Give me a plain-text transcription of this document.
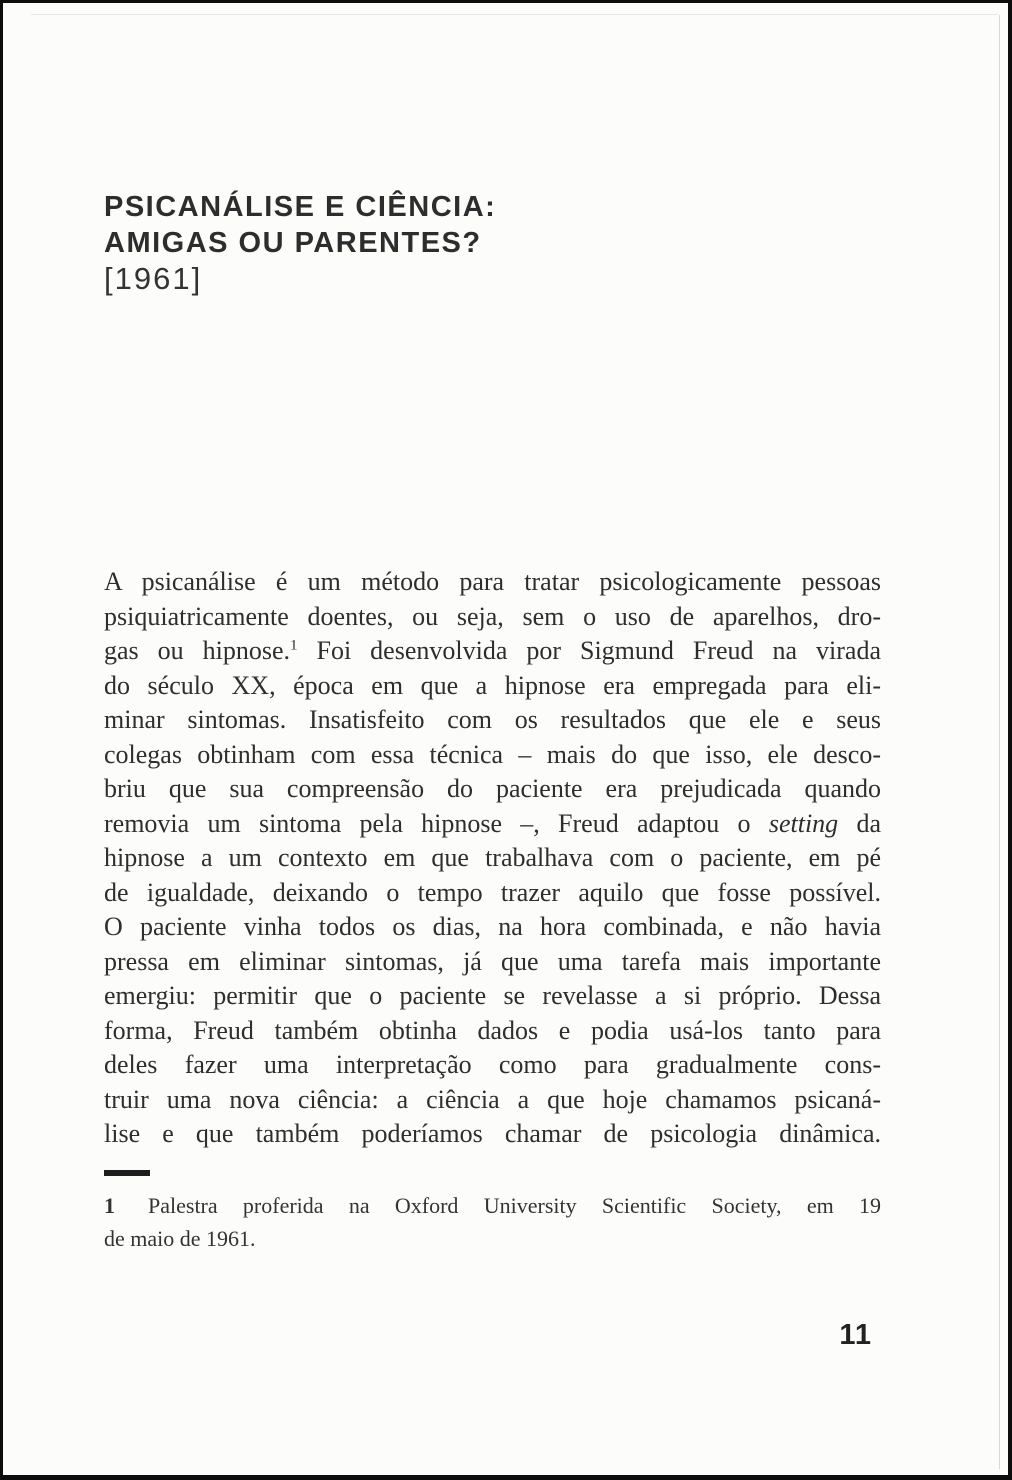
PSICANÁLISE E CIÊNCIA:
AMIGAS OU PARENTES?
[1961]
A psicanálise é um método para tratar psicologicamente pessoas
psiquiatricamente doentes, ou seja, sem o uso de aparelhos, dro-
gas ou hipnose.$^1$ Foi desenvolvida por Sigmund Freud na virada
do século XX, época em que a hipnose era empregada para eli-
minar sintomas. Insatisfeito com os resultados que ele e seus
colegas obtinham com essa técnica – mais do que isso, ele desco-
briu que sua compreensão do paciente era prejudicada quando
removia um sintoma pela hipnose –, Freud adaptou o setting da
hipnose a um contexto em que trabalhava com o paciente, em pé
de igualdade, deixando o tempo trazer aquilo que fosse possível.
O paciente vinha todos os dias, na hora combinada, e não havia
pressa em eliminar sintomas, já que uma tarefa mais importante
emergiu: permitir que o paciente se revelasse a si próprio. Dessa
forma, Freud também obtinha dados e podia usá-los tanto para
deles fazer uma interpretação como para gradualmente cons-
truir uma nova ciência: a ciência a que hoje chamamos psicaná-
lise e que também poderíamos chamar de psicologia dinâmica.
1 Palestra proferida na Oxford University Scientific Society, em 19
de maio de 1961.
11
